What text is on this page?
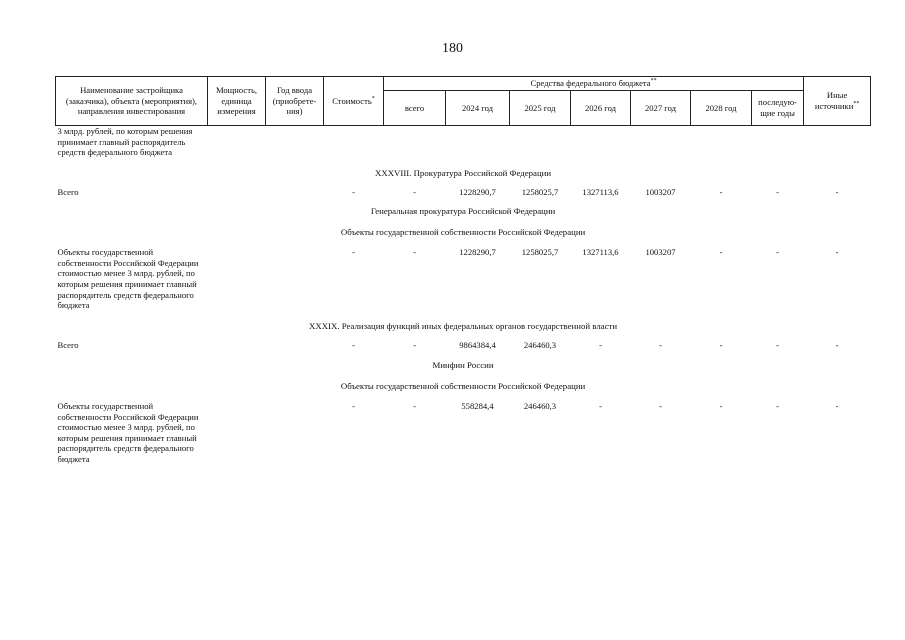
180
Наименование застройщика (заказчика), объекта (мероприятия), направления инвестирования	Мощность, единица измерения	Год ввода (приобрете-ния)	Стоимость*	Средства федерального бюджета**							Иные источники**
				всего	2024 год	2025 год	2026 год	2027 год	2028 год	последую-щие годы	
3 млрд. рублей, по которым решения принимает главный распорядитель средств федерального бюджета											
XXXVIII. Прокуратура Российской Федерации											
Всего			-	-	1228290,7	1258025,7	1327113,6	1003207	-	-	-
Генеральная прокуратура Российской Федерации											
Объекты государственной собственности Российской Федерации											
Объекты государственной собственности Российской Федерации стоимостью менее 3 млрд. рублей, по которым решения принимает главный распорядитель средств федерального бюджета			-	-	1228290,7	1258025,7	1327113,6	1003207	-	-	-
XXXIX. Реализация функций иных федеральных органов государственной власти											
Всего			-	-	9864384,4	246460,3	-	-	-	-	-
Минфин России											
Объекты государственной собственности Российской Федерации											
Объекты государственной собственности Российской Федерации стоимостью менее 3 млрд. рублей, по которым решения принимает главный распорядитель средств федерального бюджета			-	-	558284,4	246460,3	-	-	-	-	-
